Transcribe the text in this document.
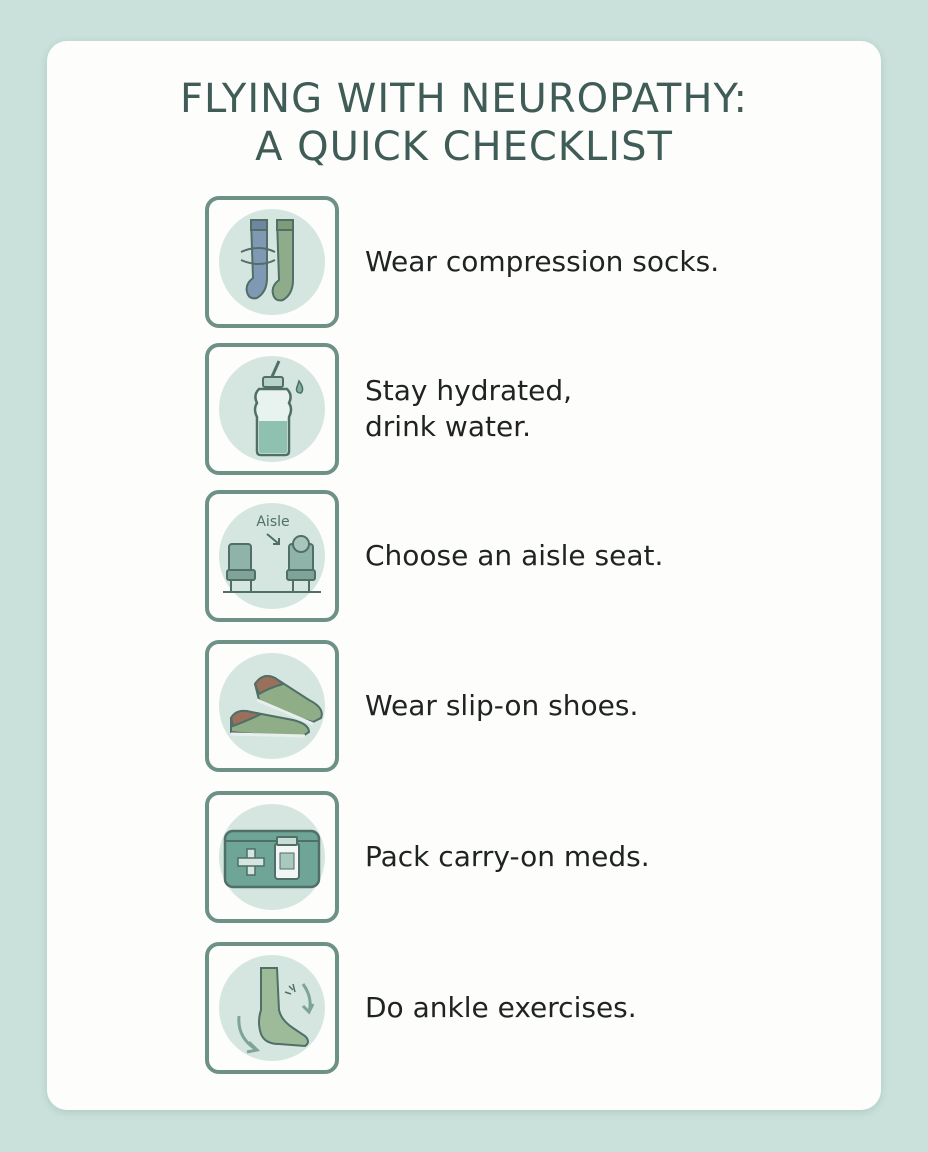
FLYING WITH NEUROPATHY:
A QUICK CHECKLIST
Wear compression socks.
Stay hydrated,
drink water.
Aisle
Choose an aisle seat.
Wear slip-on shoes.
Pack carry-on meds.
Do ankle exercises.
